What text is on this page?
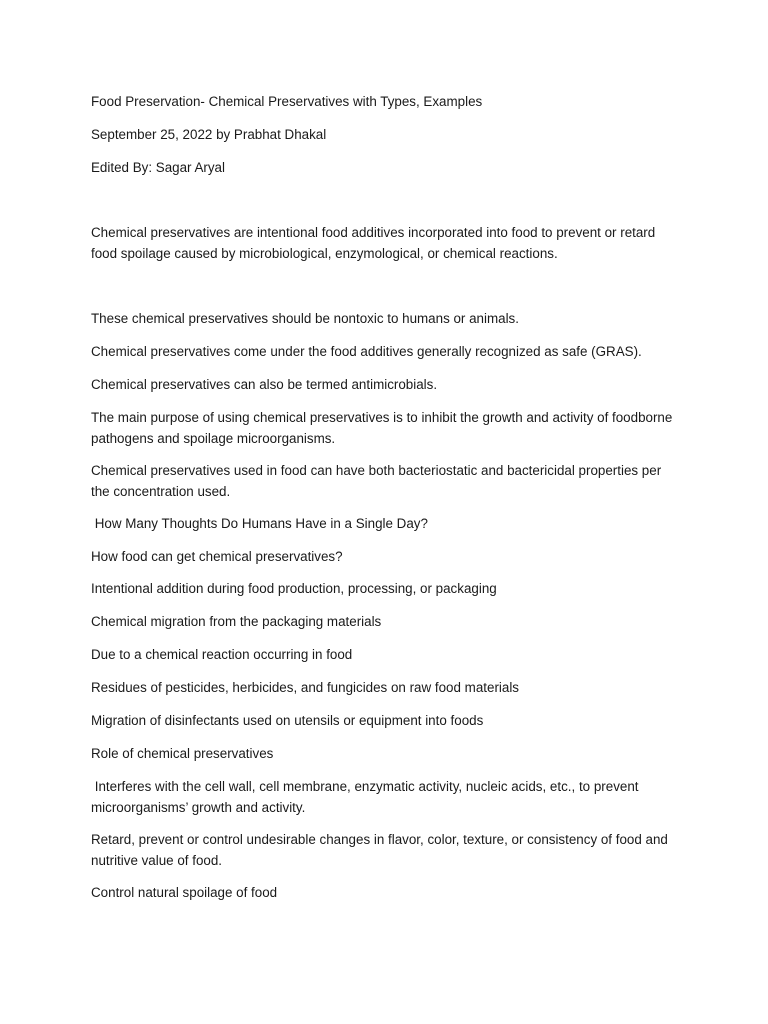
Food Preservation- Chemical Preservatives with Types, Examples

September 25, 2022 by Prabhat Dhakal

Edited By: Sagar Aryal

Chemical preservatives are intentional food additives incorporated into food to prevent or retard food spoilage caused by microbiological, enzymological, or chemical reactions.

These chemical preservatives should be nontoxic to humans or animals.

Chemical preservatives come under the food additives generally recognized as safe (GRAS).

Chemical preservatives can also be termed antimicrobials.

The main purpose of using chemical preservatives is to inhibit the growth and activity of foodborne pathogens and spoilage microorganisms.

Chemical preservatives used in food can have both bacteriostatic and bactericidal properties per the concentration used.

How Many Thoughts Do Humans Have in a Single Day?

How food can get chemical preservatives?

Intentional addition during food production, processing, or packaging

Chemical migration from the packaging materials

Due to a chemical reaction occurring in food

Residues of pesticides, herbicides, and fungicides on raw food materials

Migration of disinfectants used on utensils or equipment into foods

Role of chemical preservatives

Interferes with the cell wall, cell membrane, enzymatic activity, nucleic acids, etc., to prevent microorganisms’ growth and activity.

Retard, prevent or control undesirable changes in flavor, color, texture, or consistency of food and nutritive value of food.

Control natural spoilage of food
